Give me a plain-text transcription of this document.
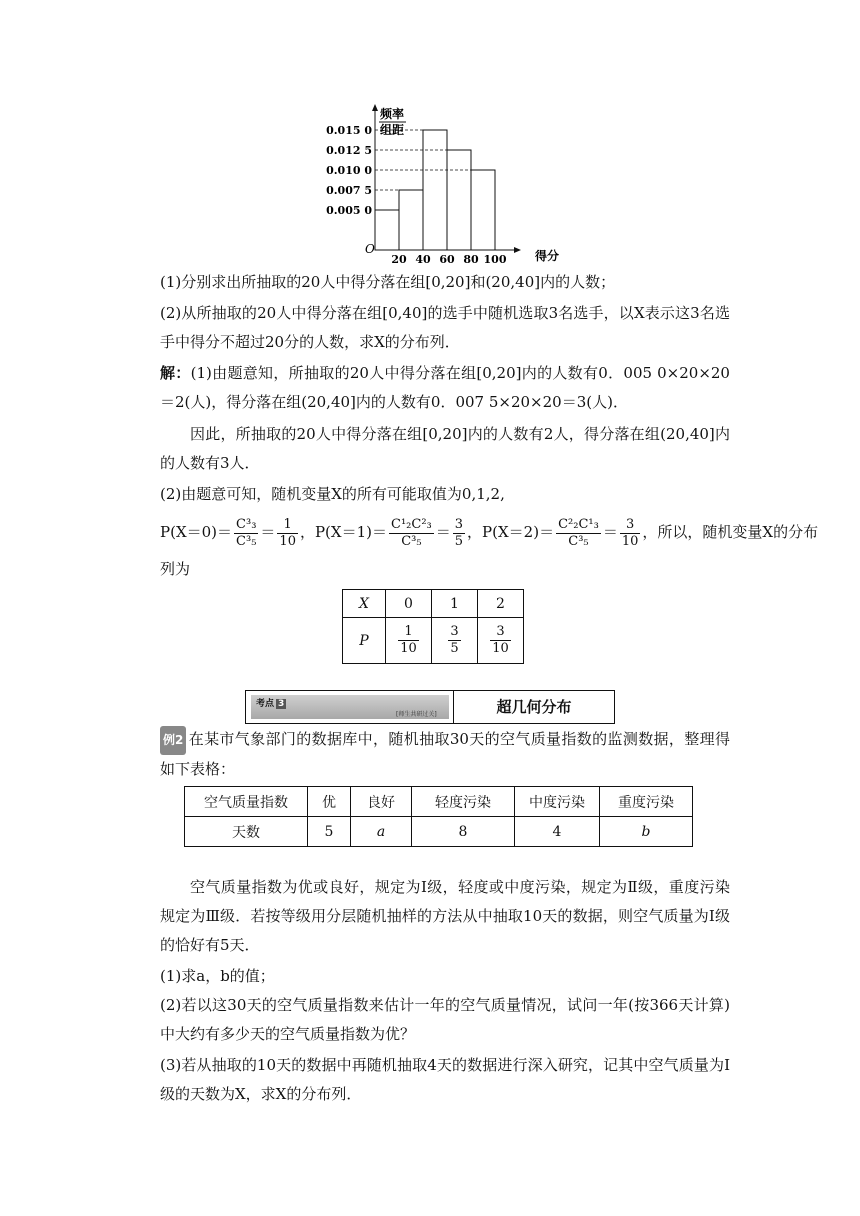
0.015 0
0.012 5
0.010 0
0.007 5
0.005 0
20 40 60 80 100
频率
组距
O	得分

(1)分别求出所抽取的20人中得分落在组[0,20]和(20,40]内的人数；

(2)从所抽取的20人中得分落在组[0,40]的选手中随机选取3名选手，以X表示这3名选手中得分不超过20分的人数，求X的分布列．

解：(1)由题意知，所抽取的20人中得分落在组[0,20]内的人数有0．005 0×20×20＝2(人)，得分落在组(20,40]内的人数有0．007 5×20×20＝3(人)．

因此，所抽取的20人中得分落在组[0,20]内的人数有2人，得分落在组(20,40]内的人数有3人．

(2)由题意可知，随机变量X的所有可能取值为0,1,2,

$P(X=0)= \frac{\text{C³₃}}{\text{C³₅}} = \frac{1}{10}$ ，$P(X=1)= \frac{\text{C¹₂C²₃}}{\text{C³₅}} = \frac{3}{5}$ ，$P(X=2)= \frac{\text{C²₂C¹₃}}{\text{C³₅}} = \frac{3}{10}$ ，所以，随机变量X的分布

列为

X	0	1	2
P	$\frac{1}{10}$	$\frac{3}{5}$	$\frac{3}{10}$
考点 3
[师生共研过关]	超几何分布

例2 在某市气象部门的数据库中，随机抽取30天的空气质量指数的监测数据，整理得如下表格：

空气质量指数	优	良好	轻度污染	中度污染	重度污染
天数	5	a	8	4	b

空气质量指数为优或良好，规定为Ⅰ级，轻度或中度污染，规定为Ⅱ级，重度污染规定为Ⅲ级．若按等级用分层随机抽样的方法从中抽取10天的数据，则空气质量为Ⅰ级的恰好有5天．

(1)求a，b的值；

(2)若以这30天的空气质量指数来估计一年的空气质量情况，试问一年(按366天计算)中大约有多少天的空气质量指数为优？

(3)若从抽取的10天的数据中再随机抽取4天的数据进行深入研究，记其中空气质量为Ⅰ级的天数为X，求X的分布列．
